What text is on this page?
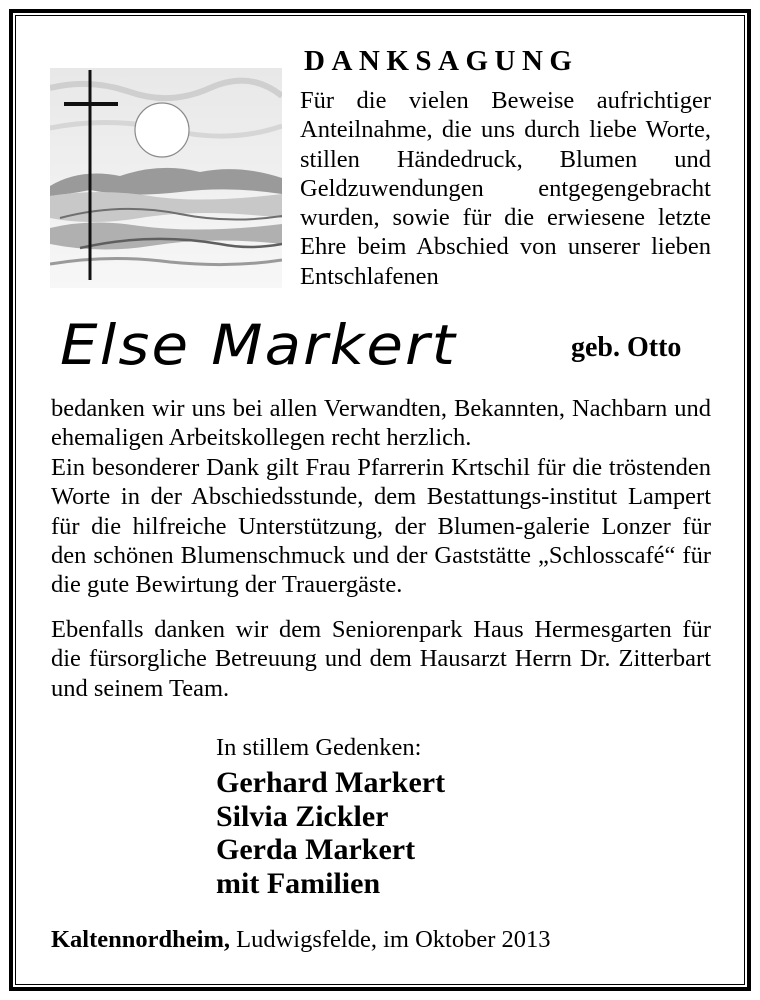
DANKSAGUNG

Für die vielen Beweise aufrichtiger Anteilnahme, die uns durch liebe Worte, stillen Händedruck, Blumen und Geldzuwendungen entgegengebracht wurden, sowie für die erwiesene letzte Ehre beim Abschied von unserer lieben Entschlafenen

Else Markert	geb. Otto

bedanken wir uns bei allen Verwandten, Bekannten, Nachbarn und ehemaligen Arbeitskollegen recht herzlich.

Ein besonderer Dank gilt Frau Pfarrerin Krtschil für die tröstenden Worte in der Abschiedsstunde, dem Bestattungs-institut Lampert für die hilfreiche Unterstützung, der Blumen-galerie Lonzer für den schönen Blumenschmuck und der Gaststätte „Schlosscafé“ für die gute Bewirtung der Trauergäste.

Ebenfalls danken wir dem Seniorenpark Haus Hermesgarten für die fürsorgliche Betreuung und dem Hausarzt Herrn Dr. Zitterbart und seinem Team.

In stillem Gedenken:

Gerhard Markert
Silvia Zickler
Gerda Markert
mit Familien

Kaltennordheim, Ludwigsfelde, im Oktober 2013
